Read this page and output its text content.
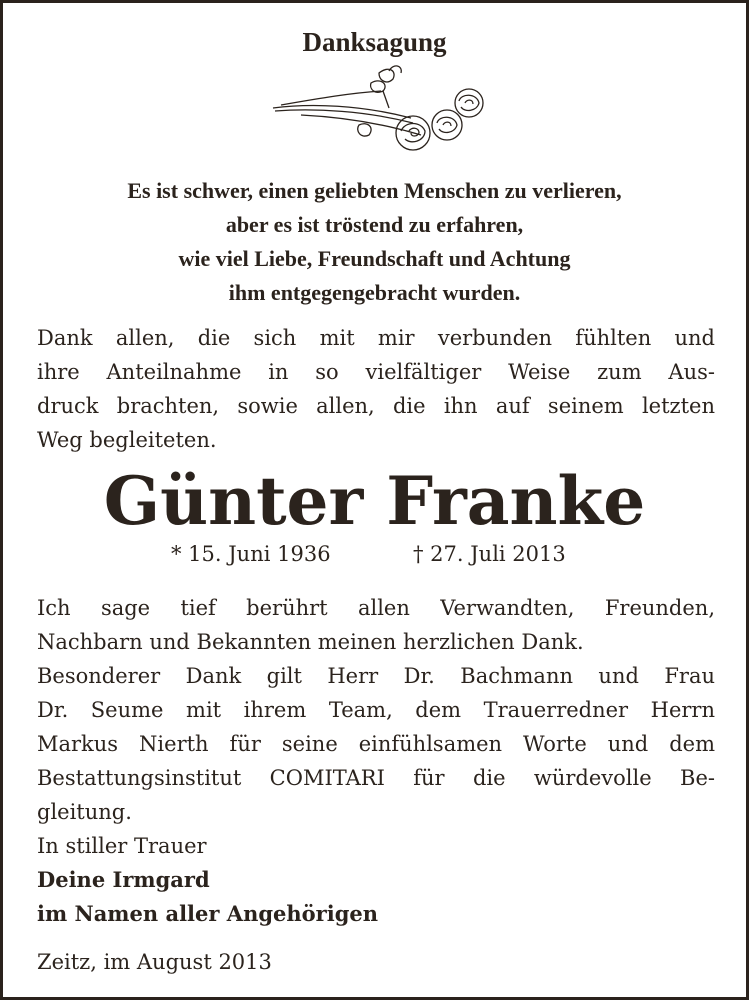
Danksagung
Es ist schwer, einen geliebten Menschen zu verlieren,
aber es ist tröstend zu erfahren,
wie viel Liebe, Freundschaft und Achtung
ihm entgegengebracht wurden.
Dank allen, die sich mit mir verbunden fühlten und
ihre Anteilnahme in so vielfältiger Weise zum Aus-
druck brachten, sowie allen, die ihn auf seinem letzten
Weg begleiteten.
Günter Franke
* 15. Juni 1936	† 27. Juli 2013
Ich sage tief berührt allen Verwandten, Freunden,
Nachbarn und Bekannten meinen herzlichen Dank.
Besonderer Dank gilt Herr Dr. Bachmann und Frau
Dr. Seume mit ihrem Team, dem Trauerredner Herrn
Markus Nierth für seine einfühlsamen Worte und dem
Bestattungsinstitut COMITARI für die würdevolle Be-
gleitung.
In stiller Trauer
Deine Irmgard
im Namen aller Angehörigen
Zeitz, im August 2013
